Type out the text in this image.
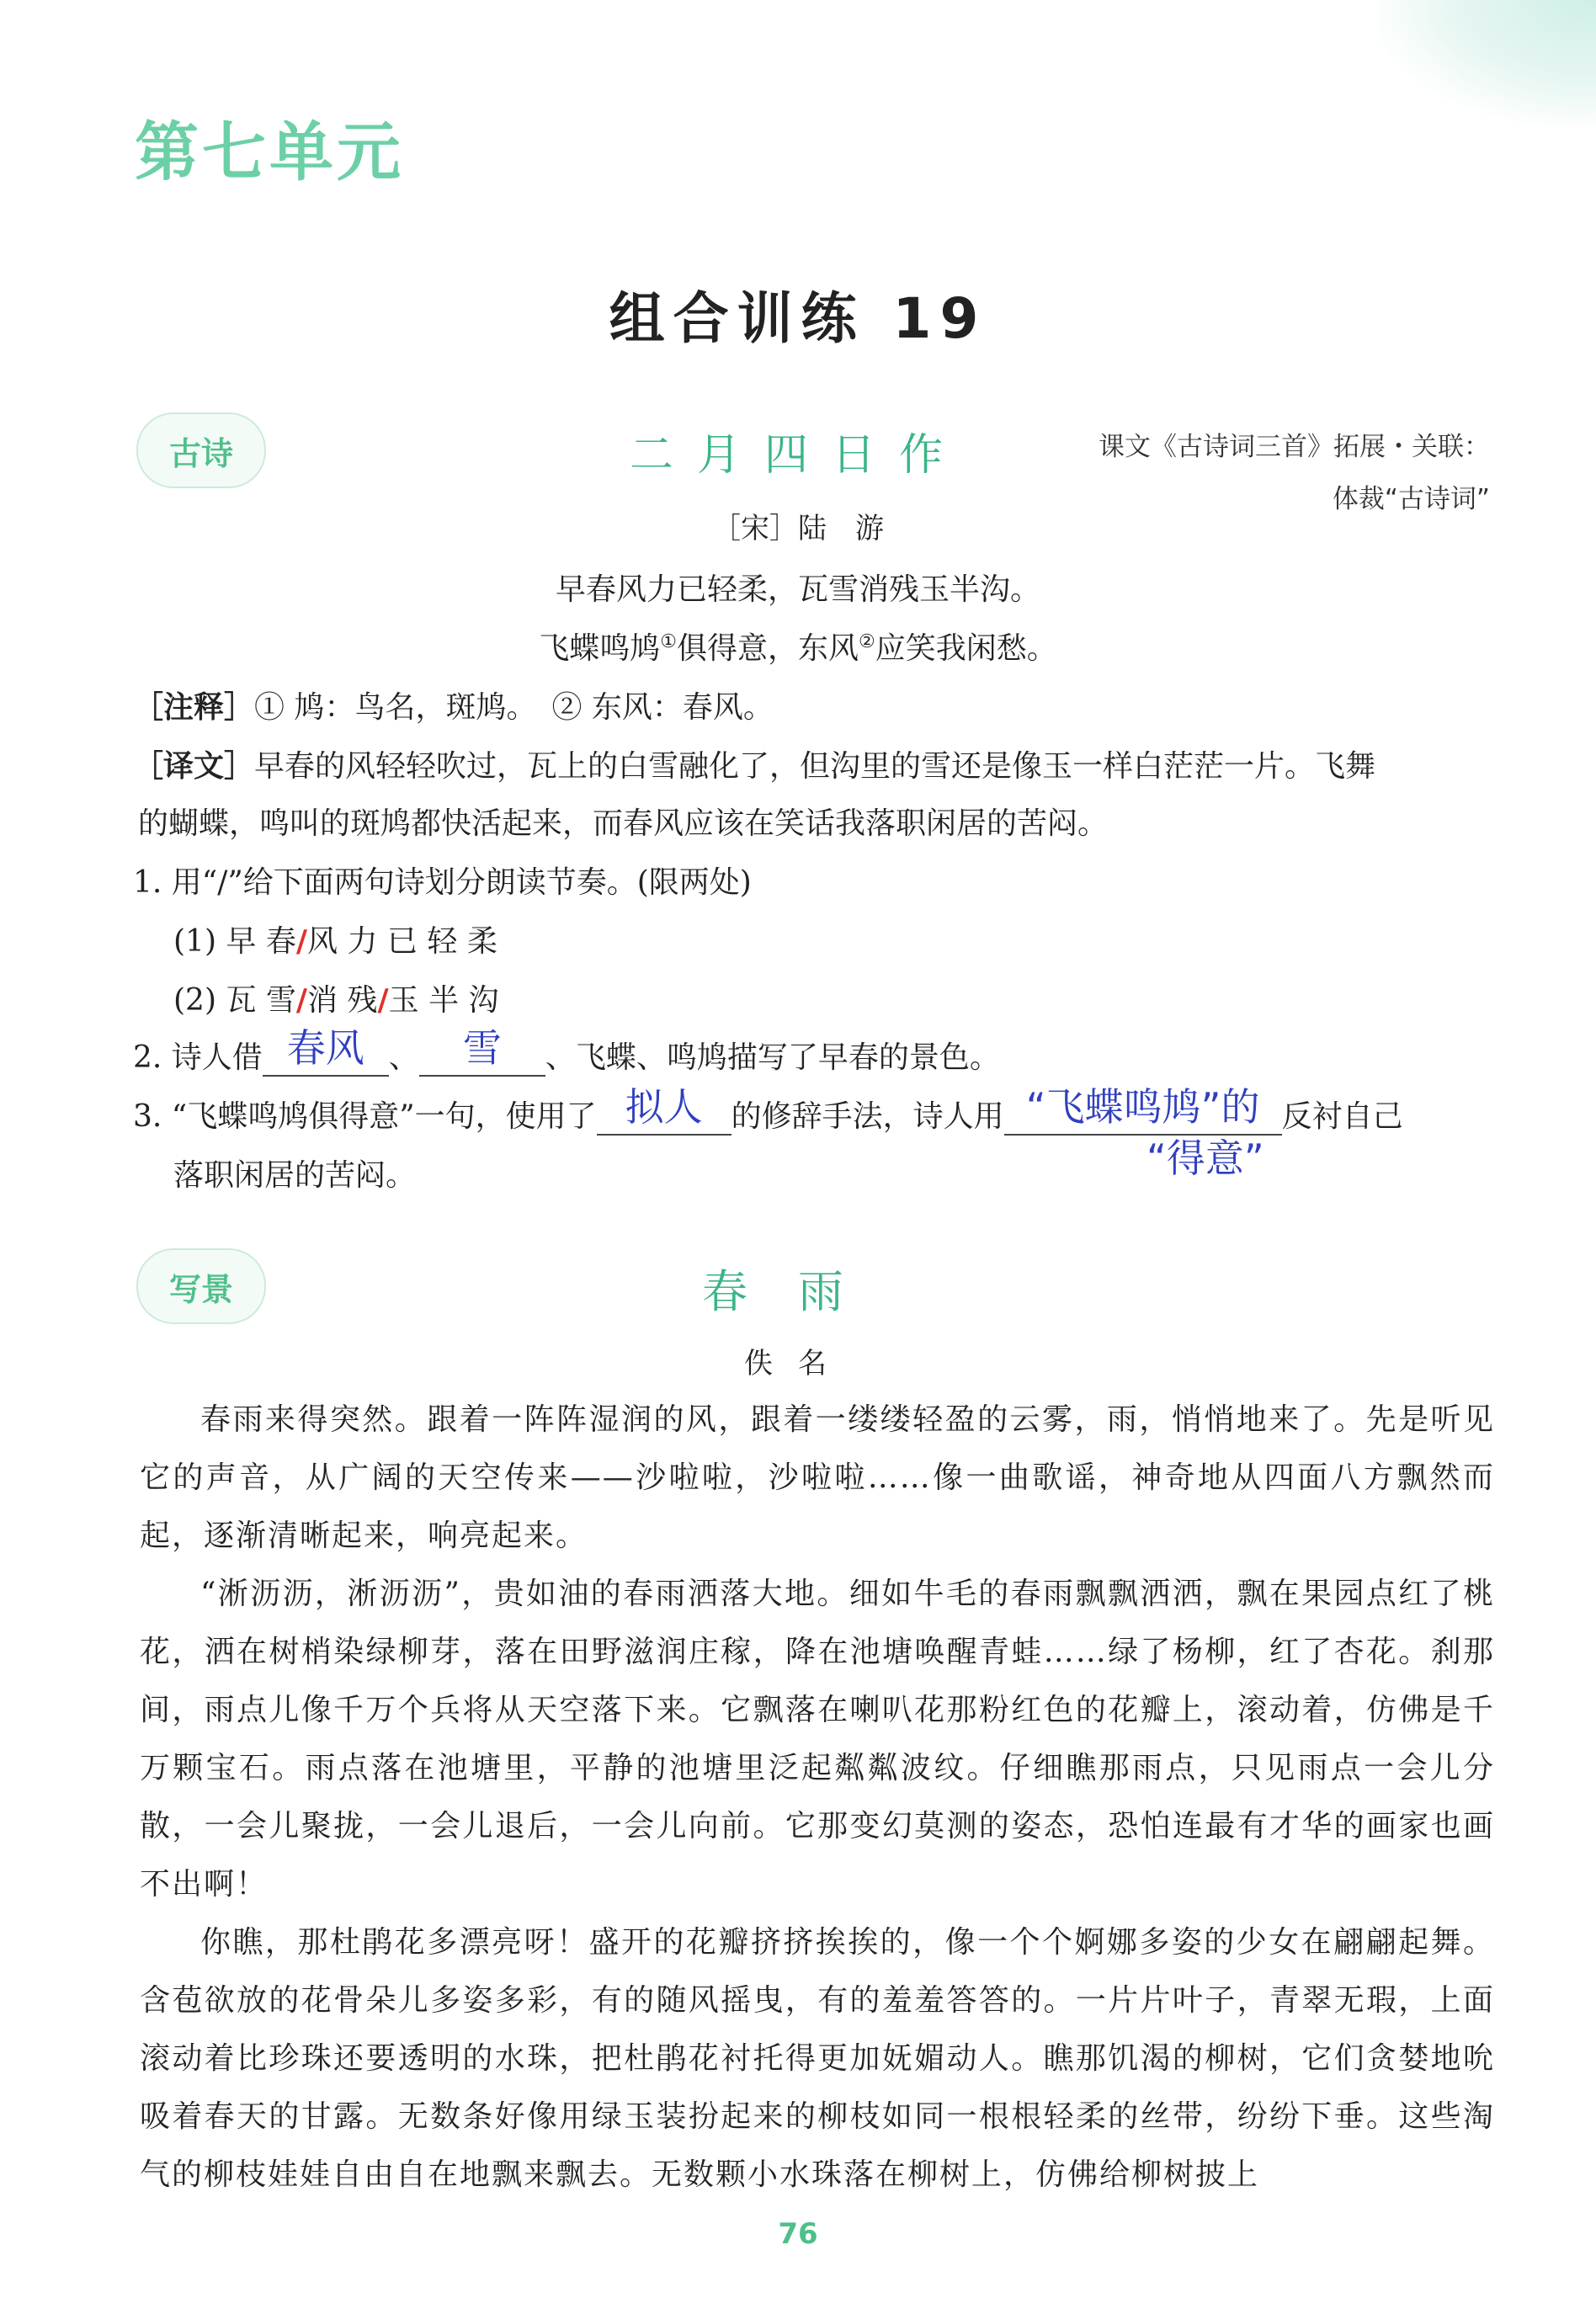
第七单元
组合训练 19
古诗	二月四日作	课文《古诗词三首》拓展・关联：
体裁“古诗词”
［宋］陆　游
早春风力已轻柔，瓦雪消残玉半沟。
飞蝶鸣鸠①俱得意，东风②应笑我闲愁。
［注释］① 鸠：鸟名，斑鸠。　② 东风：春风。
［译文］早春的风轻轻吹过，瓦上的白雪融化了，但沟里的雪还是像玉一样白茫茫一片。飞舞
的蝴蝶，鸣叫的斑鸠都快活起来，而春风应该在笑话我落职闲居的苦闷。
1. 用“/”给下面两句诗划分朗读节奏。(限两处)
(1) 早 春/风 力 已 轻 柔
(2) 瓦 雪/消 残/玉 半 沟
2. 诗人借 春风 、	雪	、飞蝶、鸣鸠描写了早春的景色。
3. “飞蝶鸣鸠俱得意”一句，使用了 拟人 的修辞手法，诗人用 “飞蝶鸣鸠”的 反衬自己
“得意”
落职闲居的苦闷。
写景	春雨
佚名
春雨来得突然。跟着一阵阵湿润的风，跟着一缕缕轻盈的云雾，雨，悄悄地来了。先是听见它的声音，从广阔的天空传来——沙啦啦，沙啦啦……像一曲歌谣，神奇地从四面八方飘然而起，逐渐清晰起来，响亮起来。
“淅沥沥，淅沥沥”，贵如油的春雨洒落大地。细如牛毛的春雨飘飘洒洒，飘在果园点红了桃花，洒在树梢染绿柳芽，落在田野滋润庄稼，降在池塘唤醒青蛙……绿了杨柳，红了杏花。刹那间，雨点儿像千万个兵将从天空落下来。它飘落在喇叭花那粉红色的花瓣上，滚动着，仿佛是千万颗宝石。雨点落在池塘里，平静的池塘里泛起粼粼波纹。仔细瞧那雨点，只见雨点一会儿分散，一会儿聚拢，一会儿退后，一会儿向前。它那变幻莫测的姿态，恐怕连最有才华的画家也画不出啊！
你瞧，那杜鹃花多漂亮呀！盛开的花瓣挤挤挨挨的，像一个个婀娜多姿的少女在翩翩起舞。含苞欲放的花骨朵儿多姿多彩，有的随风摇曳，有的羞羞答答的。一片片叶子，青翠无瑕，上面滚动着比珍珠还要透明的水珠，把杜鹃花衬托得更加妩媚动人。瞧那饥渴的柳树，它们贪婪地吮吸着春天的甘露。无数条好像用绿玉装扮起来的柳枝如同一根根轻柔的丝带，纷纷下垂。这些淘气的柳枝娃娃自由自在地飘来飘去。无数颗小水珠落在柳树上，仿佛给柳树披上
76
